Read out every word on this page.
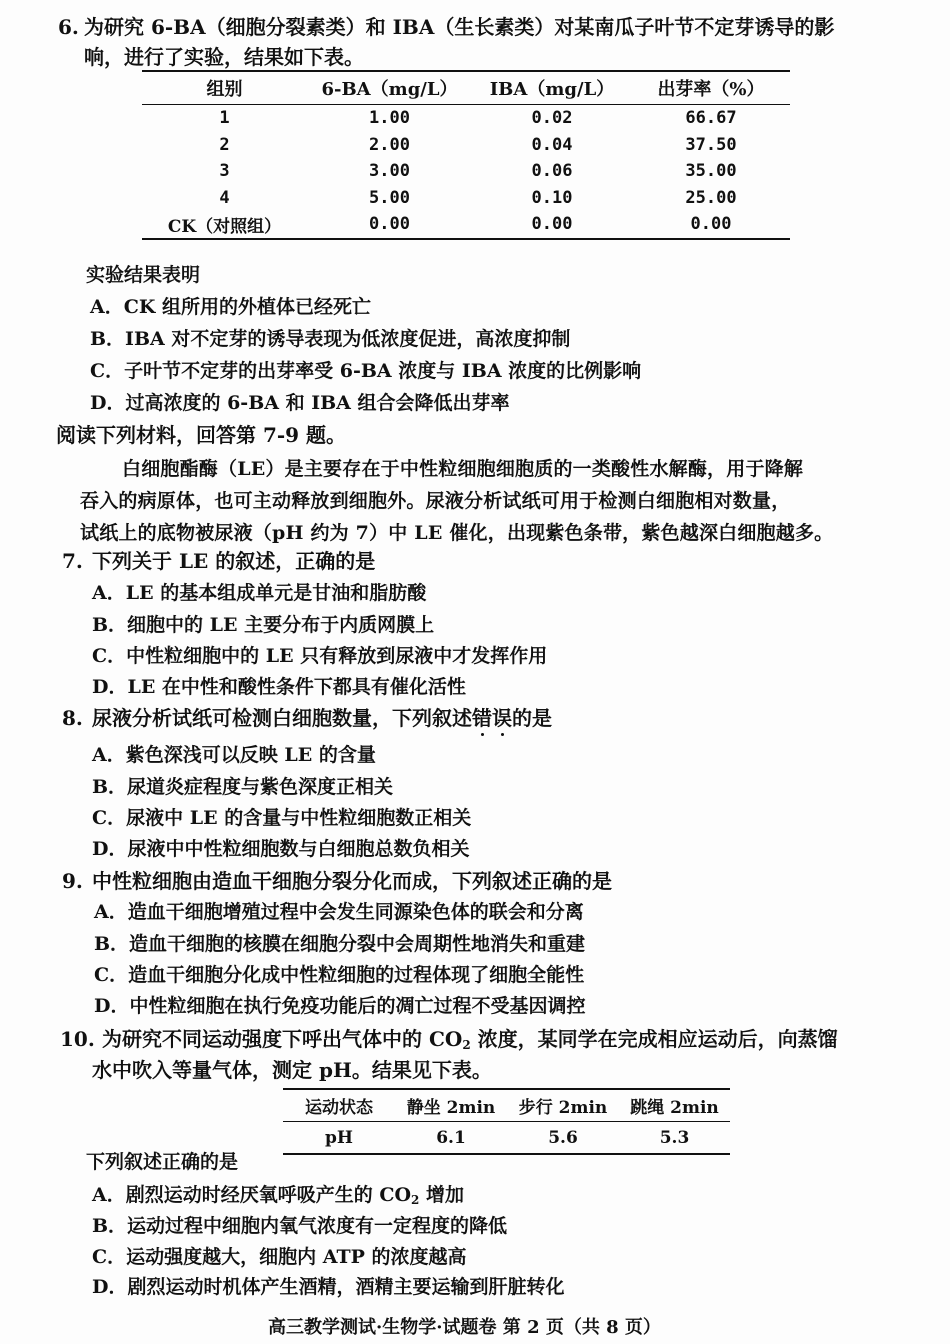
6. 为研究 6-BA（细胞分裂素类）和 IBA（生长素类）对某南瓜子叶节不定芽诱导的影
响，进行了实验，结果如下表。
组别	6-BA（mg/L）	IBA（mg/L）	出芽率（%）
1	1.00	0.02	66.67
2	2.00	0.04	37.50
3	3.00	0.06	35.00
4	5.00	0.10	25.00
CK（对照组）	0.00	0.00	0.00
实验结果表明
A．CK 组所用的外植体已经死亡
B．IBA 对不定芽的诱导表现为低浓度促进，高浓度抑制
C．子叶节不定芽的出芽率受 6-BA 浓度与 IBA 浓度的比例影响
D．过高浓度的 6-BA 和 IBA 组合会降低出芽率
阅读下列材料，回答第 7-9 题。
白细胞酯酶（LE）是主要存在于中性粒细胞细胞质的一类酸性水解酶，用于降解
吞入的病原体，也可主动释放到细胞外。尿液分析试纸可用于检测白细胞相对数量，
试纸上的底物被尿液（pH 约为 7）中 LE 催化，出现紫色条带，紫色越深白细胞越多。
7. 下列关于 LE 的叙述，正确的是
A．LE 的基本组成单元是甘油和脂肪酸
B．细胞中的 LE 主要分布于内质网膜上
C．中性粒细胞中的 LE 只有释放到尿液中才发挥作用
D．LE 在中性和酸性条件下都具有催化活性
8. 尿液分析试纸可检测白细胞数量，下列叙述错误的是
A．紫色深浅可以反映 LE 的含量
B．尿道炎症程度与紫色深度正相关
C．尿液中 LE 的含量与中性粒细胞数正相关
D．尿液中中性粒细胞数与白细胞总数负相关
9. 中性粒细胞由造血干细胞分裂分化而成，下列叙述正确的是
A．造血干细胞增殖过程中会发生同源染色体的联会和分离
B．造血干细胞的核膜在细胞分裂中会周期性地消失和重建
C．造血干细胞分化成中性粒细胞的过程体现了细胞全能性
D．中性粒细胞在执行免疫功能后的凋亡过程不受基因调控
10. 为研究不同运动强度下呼出气体中的 $CO_2$ 浓度，某同学在完成相应运动后，向蒸馏
水中吹入等量气体，测定 pH。结果见下表。
运动状态	静坐 2min	步行 2min	跳绳 2min
pH	6.1	5.6	5.3
下列叙述正确的是
A．剧烈运动时经厌氧呼吸产生的 $CO_2$ 增加
B．运动过程中细胞内氧气浓度有一定程度的降低
C．运动强度越大，细胞内 ATP 的浓度越高
D．剧烈运动时机体产生酒精，酒精主要运输到肝脏转化
高三教学测试·生物学·试题卷 第 2 页（共 8 页）
